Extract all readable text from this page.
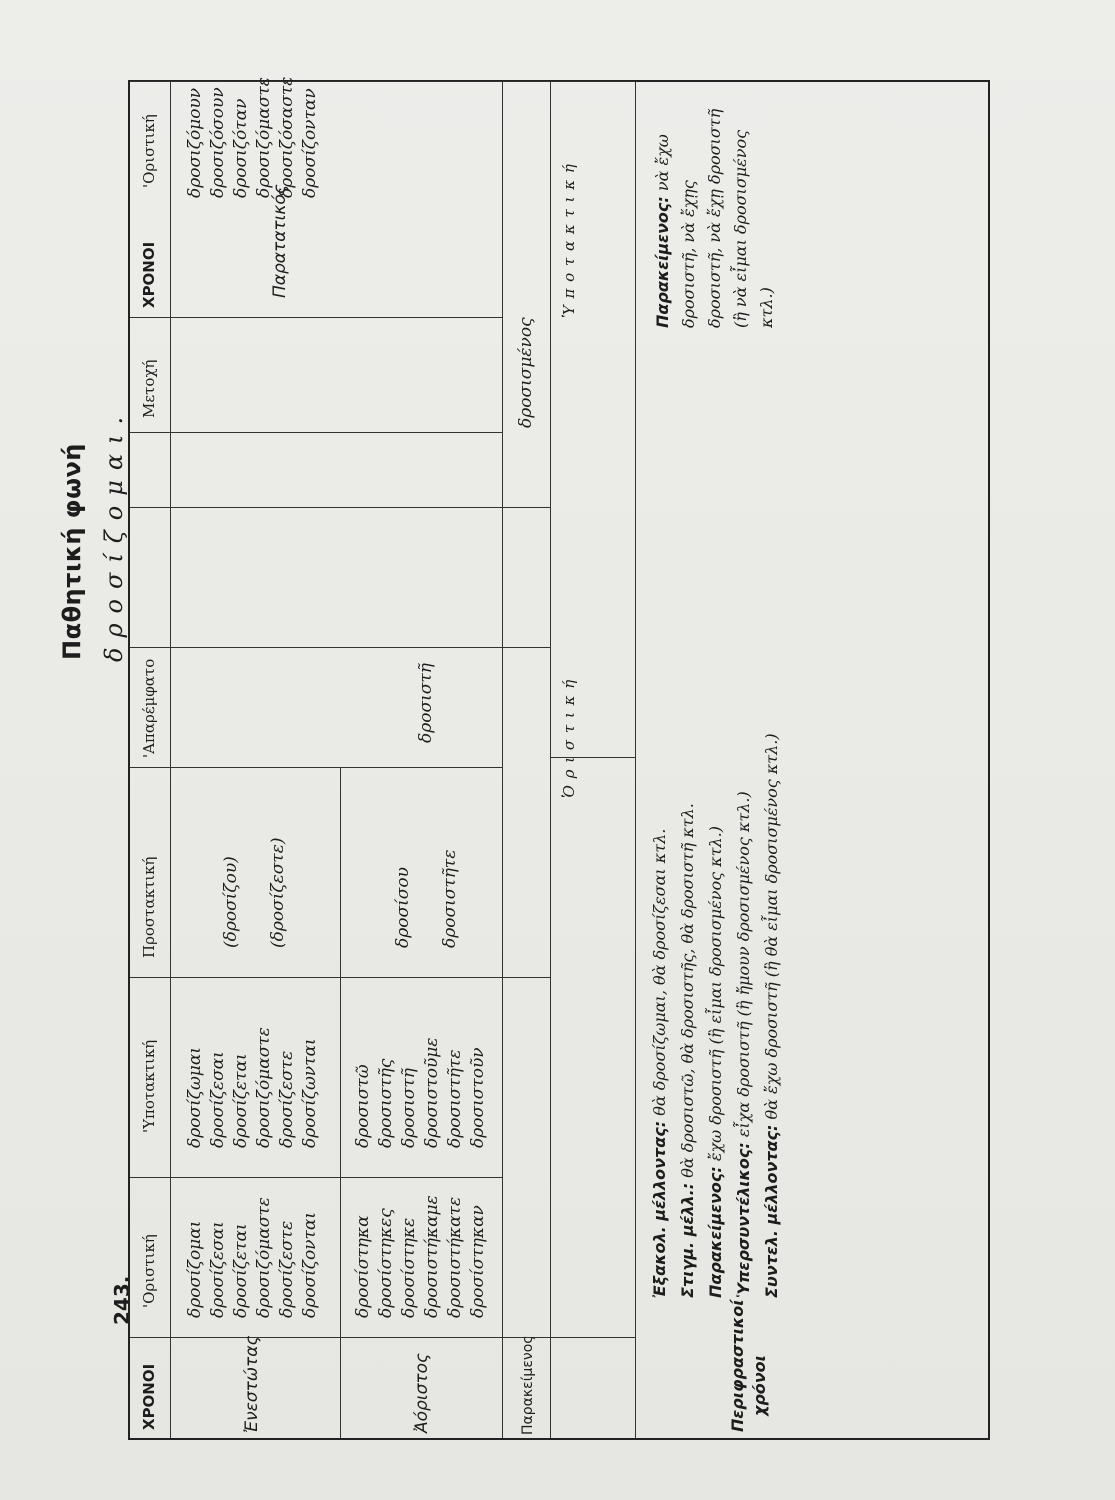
243.
Παθητική φωνή δροσίζομαι.
ΧΡΟΝΟΙ
'Οριστική
'Υποτακτική
Προστακτική
'Απαρέμφατο
Μετοχή
ΧΡΟΝΟΙ
'Οριστική
Ἐνεστώτας	Ἀόριστος	Παρακείμενος
Παρατατικός
δροσίζομαι δροσίζεσαι δροσίζεται δροσιζόμαστε δροσίζεστε δροσίζονται
δροσίζωμαι δροσίζεσαι δροσίζεται δροσιζόμαστε δροσίζεστε δροσίζωνται
(δροσίζου) (δροσίζεστε)
δροσίστηκα δροσίστηκες δροσίστηκε δροσιστήκαμε δροσιστήκατε δροσίστηκαν
δροσιστῶ δροσιστῆς δροσιστῆ δροσιστοῦμε δροσιστῆτε δροσιστοῦν
δροσίσου δροσιστῆτε
δροσιστῆ
δροσισμένος
δροσιζόμουν δροσιζόσουν δροσιζόταν δροσιζόμαστε δροσιζόσαστε δροσίζονταν
Ὁ ρ ι σ τ ι κ ή
Ὑ π ο τ α κ τ ι κ ή
Περιφραστικοί χρόνοι
Ἐξακολ. μέλλοντας: θὰ δροσίζωμαι, θὰ δροσίζεσαι κτλ.
Στιγμ. μέλλ.: θὰ δροσιστῶ, θὰ δροσιστῆς, θὰ δροσιστῆ κτλ.
Παρακείμενος: ἔχω δροσιστῆ (ἢ εἶμαι δροσισμένος κτλ.)
Ὑπερσυντέλικος: εἶχα δροσιστῆ (ἢ ἤμουν δροσισμένος κτλ.)
Συντελ. μέλλοντας: θὰ ἔχω δροσιστῆ (ἢ θὰ εἶμαι δροσισμένος κτλ.)
Παρακείμενος: νὰ ἔχω δροσιστῆ, νὰ ἔχῃς δροσιστῆ, νὰ ἔχῃ δροσιστῆ (ἢ νὰ εἶμαι δροσισμένος κτλ.)
